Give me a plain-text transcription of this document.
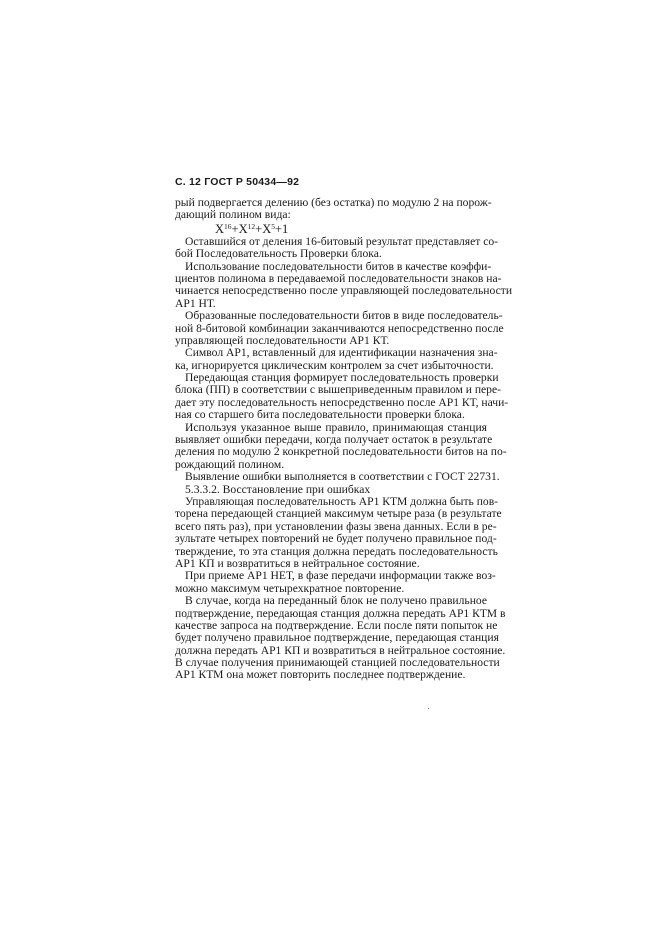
С. 12 ГОСТ Р 50434—92
рый подвергается делению (без остатка) по модулю 2 на порож-
дающий полином вида:
$X^{16}+X^{12}+X^5+1$
Оставшийся от деления 16-битовый результат представляет со-
бой Последовательность Проверки блока.
Использование последовательности битов в качестве коэффи-
циентов полинома в передаваемой последовательности знаков на-
чинается непосредственно после управляющей последовательности
АР1 НТ.
Образованные последовательности битов в виде последователь-
ной 8-битовой комбинации заканчиваются непосредственно после
управляющей последовательности АР1 КТ.
Символ АР1, вставленный для идентификации назначения зна-
ка, игнорируется циклическим контролем за счет избыточности.
Передающая станция формирует последовательность проверки
блока (ПП) в соответствии с вышеприведенным правилом и пере-
дает эту последовательность непосредственно после АР1 КТ, начи-
ная со старшего бита последовательности проверки блока.
Используя указанное выше правило, принимающая станция
выявляет ошибки передачи, когда получает остаток в результате
деления по модулю 2 конкретной последовательности битов на по-
рождающий полином.
Выявление ошибки выполняется в соответствии с ГОСТ 22731.
5.3.3.2. Восстановление при ошибках
Управляющая последовательность АР1 КТМ должна быть пов-
торена передающей станцией максимум четыре раза (в результате
всего пять раз), при установлении фазы звена данных. Если в ре-
зультате четырех повторений не будет получено правильное под-
тверждение, то эта станция должна передать последовательность
АР1 КП и возвратиться в нейтральное состояние.
При приеме АР1 НЕТ, в фазе передачи информации также воз-
можно максимум четырехкратное повторение.
В случае, когда на переданный блок не получено правильное
подтверждение, передающая станция должна передать АР1 КТМ в
качестве запроса на подтверждение. Если после пяти попыток не
будет получено правильное подтверждение, передающая станция
должна передать АР1 КП и возвратиться в нейтральное состояние.
В случае получения принимающей станцией последовательности
АР1 КТМ она может повторить последнее подтверждение.
